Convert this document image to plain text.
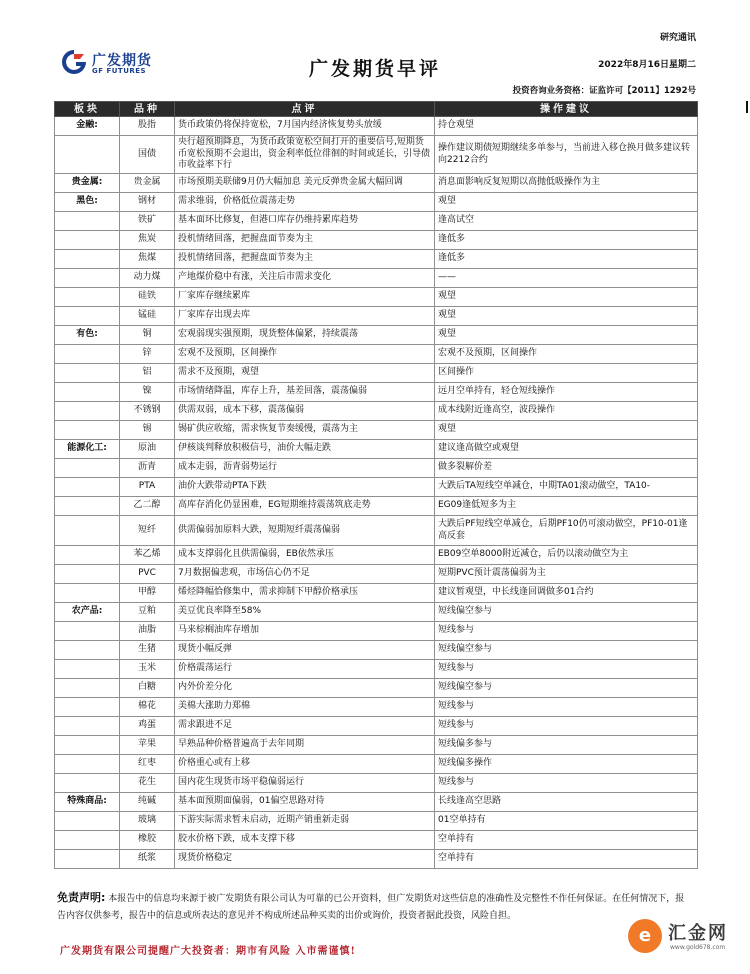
研究通讯
广发期货
GF FUTURES	广发期货早评	2022年8月16日星期二
投资咨询业务资格：证监许可【2011】1292号
板块	品种	点评	操作建议
金融:	股指	货币政策仍将保持宽松，7月国内经济恢复势头放缓	持仓观望
	国债	央行超预期降息，为货币政策宽松空间打开的重要信号,短期货币宽松预期不会退出，资金利率低位徘徊的时间或延长，引导债市收益率下行	操作建议期债短期继续多单参与，当前进入移仓换月做多建议转向2212合约
贵金属:	贵金属	市场预期美联储9月仍大幅加息 美元反弹贵金属大幅回调	消息面影响反复短期以高抛低吸操作为主
黑色:	钢材	需求维弱，价格低位震荡走势	观望
	铁矿	基本面环比修复，但港口库存仍维持累库趋势	逢高试空
	焦炭	投机情绪回落，把握盘面节奏为主	逢低多
	焦煤	投机情绪回落，把握盘面节奏为主	逢低多
	动力煤	产地煤价稳中有涨，关注后市需求变化	——
	硅铁	厂家库存继续累库	观望
	锰硅	厂家库存出现去库	观望
有色:	铜	宏观弱现实强预期，现货整体偏紧，持续震荡	观望
	锌	宏观不及预期，区间操作	宏观不及预期，区间操作
	铝	需求不及预期，观望	区间操作
	镍	市场情绪降温，库存上升，基差回落，震荡偏弱	远月空单持有，轻仓短线操作
	不锈钢	供需双弱，成本下移，震荡偏弱	成本线附近逢高空，波段操作
	锡	锡矿供应收缩，需求恢复节奏缓慢，震荡为主	观望
能源化工:	原油	伊核谈判释放积极信号，油价大幅走跌	建议逢高做空或观望
	沥青	成本走弱，沥青弱势运行	做多裂解价差
	PTA	油价大跌带动PTA下跌	大跌后TA短线空单减仓，中期TA01滚动做空，TA10-
	乙二醇	高库存消化仍显困难，EG短期维持震荡筑底走势	EG09逢低短多为主
	短纤	供需偏弱加原料大跌，短期短纤震荡偏弱	大跌后PF短线空单减仓，后期PF10仍可滚动做空，PF10-01逢高反套
	苯乙烯	成本支撑弱化且供需偏弱，EB依然承压	EB09空单8000附近减仓，后仍以滚动做空为主
	PVC	7月数据偏悲观，市场信心仍不足	短期PVC预计震荡偏弱为主
	甲醇	烯烃降幅恰修集中，需求抑制下甲醇价格承压	建议暂观望，中长线逢回调做多01合约
农产品:	豆粕	美豆优良率降至58%	短线偏空参与
	油脂	马来棕榈油库存增加	短线参与
	生猪	现货小幅反弹	短线偏空参与
	玉米	价格震荡运行	短线参与
	白糖	内外价差分化	短线偏空参与
	棉花	美棉大涨助力郑棉	短线参与
	鸡蛋	需求跟进不足	短线参与
	苹果	早熟品种价格普遍高于去年同期	短线偏多参与
	红枣	价格重心或有上移	短线偏多操作
	花生	国内花生现货市场平稳偏弱运行	短线参与
特殊商品:	纯碱	基本面预期面偏弱，01偏空思路对待	长线逢高空思路
	玻璃	下游实际需求暂未启动，近期产销重新走弱	01空单持有
	橡胶	胶水价格下跌，成本支撑下移	空单持有
	纸浆	现货价格稳定	空单持有
免责声明: 本报告中的信息均来源于被广发期货有限公司认为可靠的已公开资料，但广发期货对这些信息的准确性及完整性不作任何保证。在任何情况下，报告内容仅供参考，报告中的信息或所表达的意见并不构成所述品种买卖的出价或询价，投资者据此投资，风险自担。
广发期货有限公司提醒广大投资者：期市有风险 入市需谨慎!
e 汇金网
www.gold678.com
